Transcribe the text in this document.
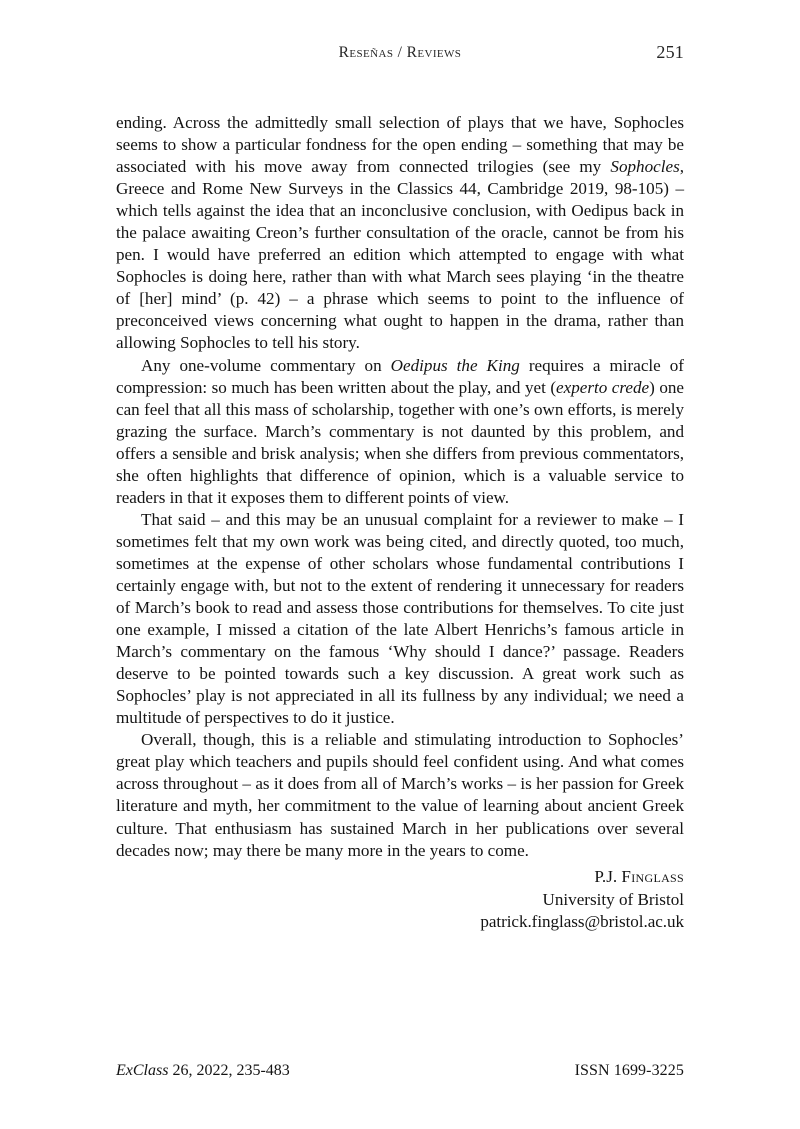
Reseñas / Reviews	251

ending. Across the admittedly small selection of plays that we have, Sophocles seems to show a particular fondness for the open ending – something that may be associated with his move away from connected trilogies (see my Sophocles, Greece and Rome New Surveys in the Classics 44, Cambridge 2019, 98-105) – which tells against the idea that an inconclusive conclusion, with Oedipus back in the palace awaiting Creon’s further consultation of the oracle, cannot be from his pen. I would have preferred an edition which attempted to engage with what Sophocles is doing here, rather than with what March sees playing ‘in the theatre of [her] mind’ (p. 42) – a phrase which seems to point to the influence of preconceived views concerning what ought to happen in the drama, rather than allowing Sophocles to tell his story.

Any one-volume commentary on Oedipus the King requires a miracle of compression: so much has been written about the play, and yet (experto crede) one can feel that all this mass of scholarship, together with one’s own efforts, is merely grazing the surface. March’s commentary is not daunted by this problem, and offers a sensible and brisk analysis; when she differs from previous commentators, she often highlights that difference of opinion, which is a valuable service to readers in that it exposes them to different points of view.

That said – and this may be an unusual complaint for a reviewer to make – I sometimes felt that my own work was being cited, and directly quoted, too much, sometimes at the expense of other scholars whose fundamental contributions I certainly engage with, but not to the extent of rendering it unnecessary for readers of March’s book to read and assess those contributions for themselves. To cite just one example, I missed a citation of the late Albert Henrichs’s famous article in March’s commentary on the famous ‘Why should I dance?’ passage. Readers deserve to be pointed towards such a key discussion. A great work such as Sophocles’ play is not appreciated in all its fullness by any individual; we need a multitude of perspectives to do it justice.

Overall, though, this is a reliable and stimulating introduction to Sophocles’ great play which teachers and pupils should feel confident using. And what comes across throughout – as it does from all of March’s works – is her passion for Greek literature and myth, her commitment to the value of learning about ancient Greek culture. That enthusiasm has sustained March in her publications over several decades now; may there be many more in the years to come.

P.J. Finglass
University of Bristol
patrick.finglass@bristol.ac.uk
ExClass 26, 2022, 235-483	ISSN 1699-3225
